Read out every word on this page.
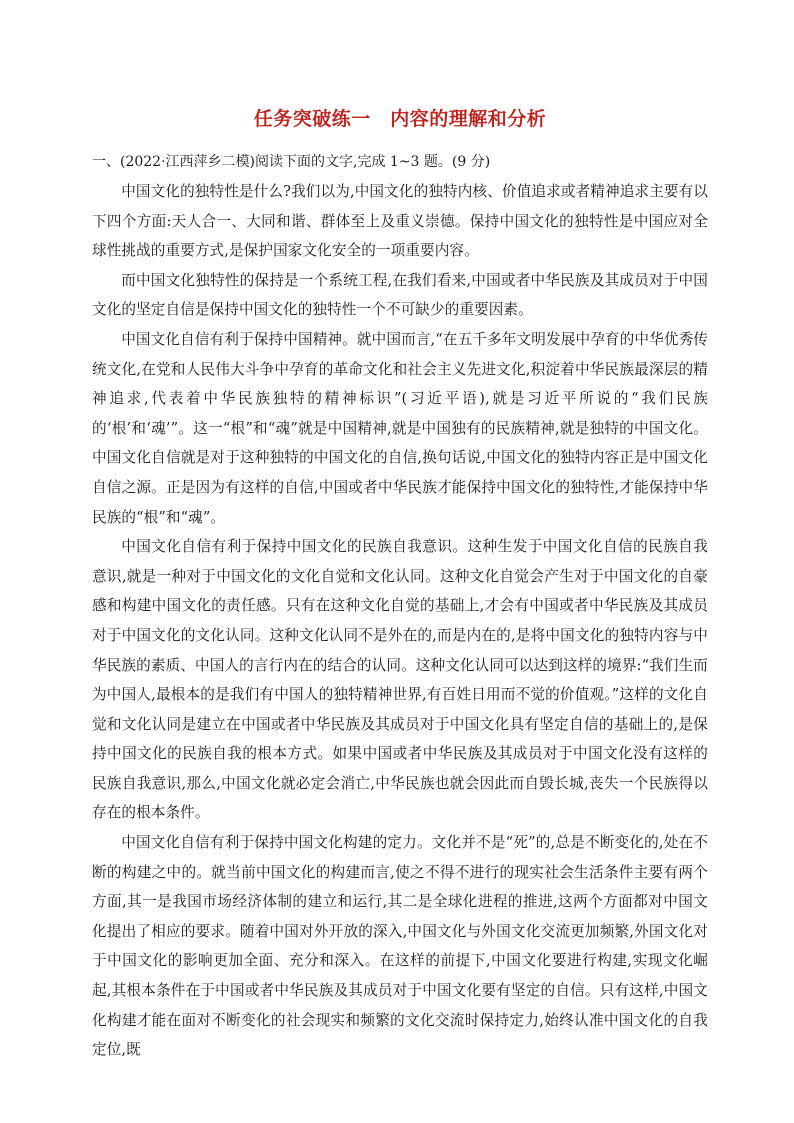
任务突破练一　内容的理解和分析

一、(2022·江西萍乡二模)阅读下面的文字,完成 1~3 题。(9 分)

中国文化的独特性是什么?我们以为,中国文化的独特内核、价值追求或者精神追求主要有以下四个方面:天人合一、大同和谐、群体至上及重义崇德。保持中国文化的独特性是中国应对全球性挑战的重要方式,是保护国家文化安全的一项重要内容。

而中国文化独特性的保持是一个系统工程,在我们看来,中国或者中华民族及其成员对于中国文化的坚定自信是保持中国文化的独特性一个不可缺少的重要因素。

中国文化自信有利于保持中国精神。就中国而言,“在五千多年文明发展中孕育的中华优秀传统文化,在党和人民伟大斗争中孕育的革命文化和社会主义先进文化,积淀着中华民族最深层的精神追求,代表着中华民族独特的精神标识”(习近平语),就是习近平所说的“我们民族的‘根’和‘魂’”。这一“根”和“魂”就是中国精神,就是中国独有的民族精神,就是独特的中国文化。中国文化自信就是对于这种独特的中国文化的自信,换句话说,中国文化的独特内容正是中国文化自信之源。正是因为有这样的自信,中国或者中华民族才能保持中国文化的独特性,才能保持中华民族的“根”和“魂”。

中国文化自信有利于保持中国文化的民族自我意识。这种生发于中国文化自信的民族自我意识,就是一种对于中国文化的文化自觉和文化认同。这种文化自觉会产生对于中国文化的自豪感和构建中国文化的责任感。只有在这种文化自觉的基础上,才会有中国或者中华民族及其成员对于中国文化的文化认同。这种文化认同不是外在的,而是内在的,是将中国文化的独特内容与中华民族的素质、中国人的言行内在的结合的认同。这种文化认同可以达到这样的境界:“我们生而为中国人,最根本的是我们有中国人的独特精神世界,有百姓日用而不觉的价值观。”这样的文化自觉和文化认同是建立在中国或者中华民族及其成员对于中国文化具有坚定自信的基础上的,是保持中国文化的民族自我的根本方式。如果中国或者中华民族及其成员对于中国文化没有这样的民族自我意识,那么,中国文化就必定会消亡,中华民族也就会因此而自毁长城,丧失一个民族得以存在的根本条件。

中国文化自信有利于保持中国文化构建的定力。文化并不是“死”的,总是不断变化的,处在不断的构建之中的。就当前中国文化的构建而言,使之不得不进行的现实社会生活条件主要有两个方面,其一是我国市场经济体制的建立和运行,其二是全球化进程的推进,这两个方面都对中国文化提出了相应的要求。随着中国对外开放的深入,中国文化与外国文化交流更加频繁,外国文化对于中国文化的影响更加全面、充分和深入。在这样的前提下,中国文化要进行构建,实现文化崛起,其根本条件在于中国或者中华民族及其成员对于中国文化要有坚定的自信。只有这样,中国文化构建才能在面对不断变化的社会现实和频繁的文化交流时保持定力,始终认准中国文化的自我定位,既
